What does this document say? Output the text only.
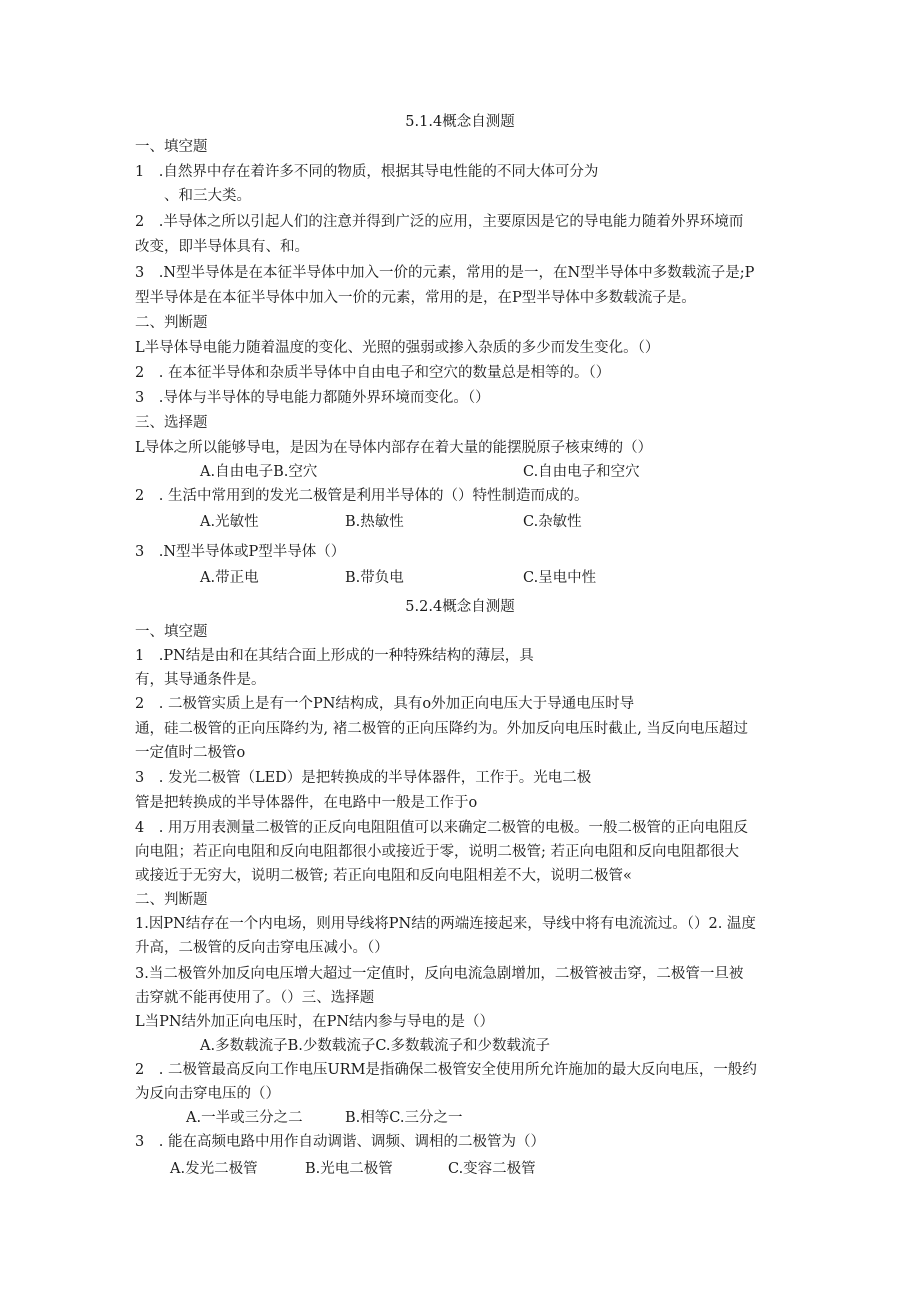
5.1.4概念自测题
一、填空题
1　.自然界中存在着许多不同的物质，根据其导电性能的不同大体可分为
　　、和三大类。
2　.半导体之所以引起人们的注意并得到广泛的应用，主要原因是它的导电能力随着外界环境而
改变，即半导体具有、和。
3　.N型半导体是在本征半导体中加入一价的元素，常用的是一，在N型半导体中多数载流子是;P
型半导体是在本征半导体中加入一价的元素，常用的是，在P型半导体中多数载流子是。
二、判断题
L半导体导电能力随着温度的变化、光照的强弱或掺入杂质的多少而发生变化。（）
2　. 在本征半导体和杂质半导体中自由电子和空穴的数量总是相等的。（）
3　.导体与半导体的导电能力都随外界环境而变化。（）
三、选择题
L导体之所以能够导电，是因为在导体内部存在着大量的能摆脱原子核束缚的（）
A.自由电子B.空穴	C.自由电子和空穴
2　. 生活中常用到的发光二极管是利用半导体的（）特性制造而成的。
A.光敏性	B.热敏性	C.杂敏性
3　.N型半导体或P型半导体（）
A.带正电	B.带负电	C.呈电中性
5.2.4概念自测题
一、填空题
1　.PN结是由和在其结合面上形成的一种特殊结构的薄层，具
有，其导通条件是。
2　. 二极管实质上是有一个PN结构成，具有o外加正向电压大于导通电压时导
通，硅二极管的正向压降约为, 褚二极管的正向压降约为。外加反向电压时截止, 当反向电压超过
一定值时二极管o
3　. 发光二极管（LED）是把转换成的半导体器件，工作于。光电二极
管是把转换成的半导体器件，在电路中一般是工作于o
4　. 用万用表测量二极管的正反向电阻阻值可以来确定二极管的电极。一般二极管的正向电阻反
向电阻；若正向电阻和反向电阻都很小或接近于零，说明二极管; 若正向电阻和反向电阻都很大
或接近于无穷大，说明二极管; 若正向电阻和反向电阻相差不大，说明二极管«
二、判断题
1.因PN结存在一个内电场，则用导线将PN结的两端连接起来，导线中将有电流流过。（）2. 温度
升高，二极管的反向击穿电压减小。（）
3.当二极管外加反向电压增大超过一定值时，反向电流急剧增加，二极管被击穿，二极管一旦被
击穿就不能再使用了。（）三、选择题
L当PN结外加正向电压时，在PN结内参与导电的是（）
A.多数载流子B.少数载流子C.多数载流子和少数载流子
2　. 二极管最高反向工作电压URM是指确保二极管安全使用所允许施加的最大反向电压，一般约
为反向击穿电压的（）
A.一半或三分之二	B.相等C.三分之一
3　. 能在高频电路中用作自动调谐、调频、调相的二极管为（）
A.发光二极管	B.光电二极管	C.变容二极管
